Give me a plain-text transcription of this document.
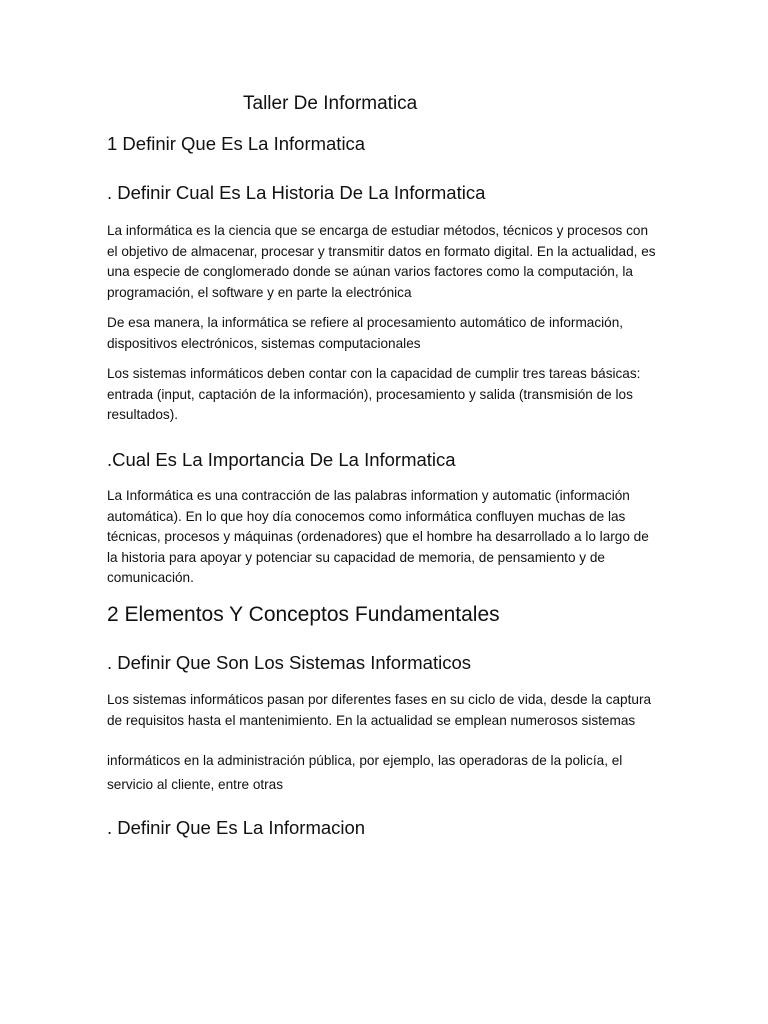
Taller De Informatica
1 Definir Que Es La Informatica
. Definir Cual Es La Historia De La Informatica

La informática es la ciencia que se encarga de estudiar métodos, técnicos y procesos con el objetivo de almacenar, procesar y transmitir datos en formato digital. En la actualidad, es una especie de conglomerado donde se aúnan varios factores como la computación, la programación, el software y en parte la electrónica

De esa manera, la informática se refiere al procesamiento automático de información, dispositivos electrónicos, sistemas computacionales

Los sistemas informáticos deben contar con la capacidad de cumplir tres tareas básicas: entrada (input, captación de la información), procesamiento y salida (transmisión de los resultados).

.Cual Es La Importancia De La Informatica

La Informática es una contracción de las palabras information y automatic (información automática). En lo que hoy día conocemos como informática confluyen muchas de las técnicas, procesos y máquinas (ordenadores) que el hombre ha desarrollado a lo largo de la historia para apoyar y potenciar su capacidad de memoria, de pensamiento y de comunicación.

2 Elementos Y Conceptos Fundamentales
. Definir Que Son Los Sistemas Informaticos

Los sistemas informáticos pasan por diferentes fases en su ciclo de vida, desde la captura de requisitos hasta el mantenimiento. En la actualidad se emplean numerosos sistemas

informáticos en la administración pública, por ejemplo, las operadoras de la policía, el servicio al cliente, entre otras

. Definir Que Es La Informacion
